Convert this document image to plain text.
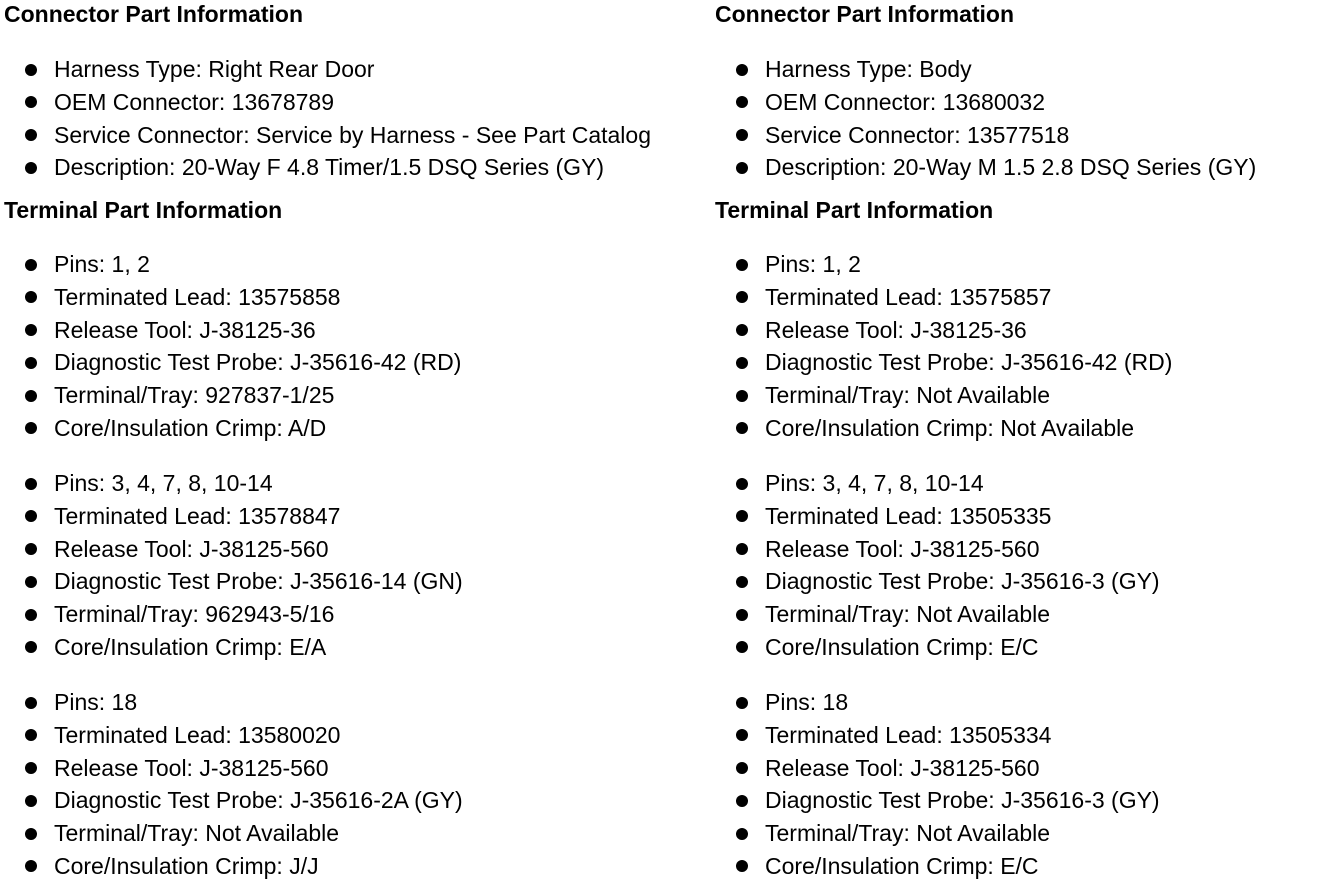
Connector Part Information
Harness Type: Right Rear Door
OEM Connector: 13678789
Service Connector: Service by Harness - See Part Catalog
Description: 20-Way F 4.8 Timer/1.5 DSQ Series (GY)
Terminal Part Information
Pins: 1, 2
Terminated Lead: 13575858
Release Tool: J-38125-36
Diagnostic Test Probe: J-35616-42 (RD)
Terminal/Tray: 927837-1/25
Core/Insulation Crimp: A/D
Pins: 3, 4, 7, 8, 10-14
Terminated Lead: 13578847
Release Tool: J-38125-560
Diagnostic Test Probe: J-35616-14 (GN)
Terminal/Tray: 962943-5/16
Core/Insulation Crimp: E/A
Pins: 18
Terminated Lead: 13580020
Release Tool: J-38125-560
Diagnostic Test Probe: J-35616-2A (GY)
Terminal/Tray: Not Available
Core/Insulation Crimp: J/J
Connector Part Information
Harness Type: Body
OEM Connector: 13680032
Service Connector: 13577518
Description: 20-Way M 1.5 2.8 DSQ Series (GY)
Terminal Part Information
Pins: 1, 2
Terminated Lead: 13575857
Release Tool: J-38125-36
Diagnostic Test Probe: J-35616-42 (RD)
Terminal/Tray: Not Available
Core/Insulation Crimp: Not Available
Pins: 3, 4, 7, 8, 10-14
Terminated Lead: 13505335
Release Tool: J-38125-560
Diagnostic Test Probe: J-35616-3 (GY)
Terminal/Tray: Not Available
Core/Insulation Crimp: E/C
Pins: 18
Terminated Lead: 13505334
Release Tool: J-38125-560
Diagnostic Test Probe: J-35616-3 (GY)
Terminal/Tray: Not Available
Core/Insulation Crimp: E/C
